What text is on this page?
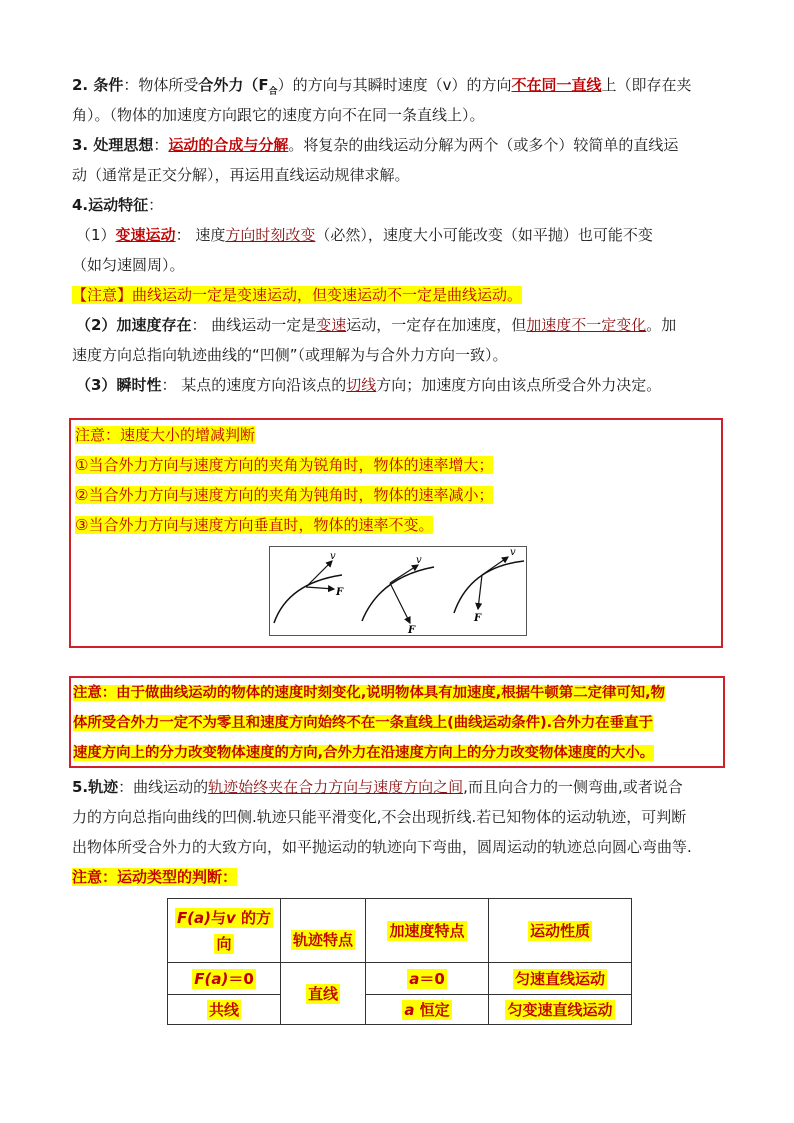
2. 条件：物体所受合外力$(F_合)$的方向与其瞬时速度（v）的方向不在同一直线上（即存在夹
角）。（物体的加速度方向跟它的速度方向不在同一条直线上）。
3. 处理思想：运动的合成与分解。将复杂的曲线运动分解为两个（或多个）较简单的直线运
动（通常是正交分解），再运用直线运动规律求解。
4.运动特征：
（1）变速运动： 速度方向时刻改变（必然），速度大小可能改变（如平抛）也可能不变
（如匀速圆周）。
【注意】曲线运动一定是变速运动，但变速运动不一定是曲线运动。
（2）加速度存在： 曲线运动一定是变速运动，一定存在加速度，但加速度不一定变化。加
速度方向总指向轨迹曲线的“凹侧”（或理解为与合外力方向一致）。
（3）瞬时性： 某点的速度方向沿该点的切线方向；加速度方向由该点所受合外力决定。
注意：速度大小的增减判断
①当合外力方向与速度方向的夹角为锐角时，物体的速率增大；
②当合外力方向与速度方向的夹角为钝角时，物体的速率减小；
③当合外力方向与速度方向垂直时，物体的速率不变。
v
F
v
F
v
F
注意：由于做曲线运动的物体的速度时刻变化,说明物体具有加速度,根据牛顿第二定律可知,物
体所受合外力一定不为零且和速度方向始终不在一条直线上(曲线运动条件).合外力在垂直于
速度方向上的分力改变物体速度的方向,合外力在沿速度方向上的分力改变物体速度的大小。
5.轨迹：曲线运动的轨迹始终夹在合力方向与速度方向之间,而且向合力的一侧弯曲,或者说合
力的方向总指向曲线的凹侧.轨迹只能平滑变化,不会出现折线.若已知物体的运动轨迹，可判断
出物体所受合外力的大致方向，如平抛运动的轨迹向下弯曲，圆周运动的轨迹总向圆心弯曲等.
注意：运动类型的判断：
F(a)与v 的方
向	轨迹特点	加速度特点	运动性质
F(a)＝0	直线	a＝0	匀速直线运动
共线		a 恒定	匀变速直线运动
